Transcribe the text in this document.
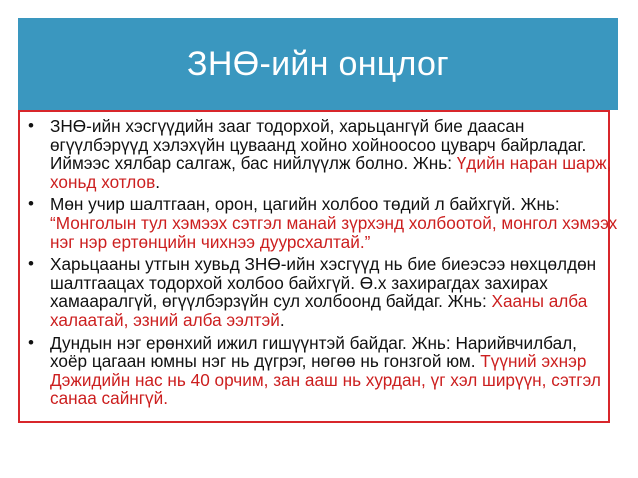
ЗНӨ-ийн онцлог
• ЗНӨ-ийн хэсгүүдийн зааг тодорхой, харьцангүй бие даасан өгүүлбэрүүд хэлэхүйн цуваанд хойно хойноосоо цуварч байрладаг. Иймээс хялбар салгаж, бас нийлүүлж болно. Жнь: Үдийн наран шарж, хоньд хотлов.
• Мөн учир шалтгаан, орон, цагийн холбоо төдий л байхгүй. Жнь: “Монголын тул хэмээх сэтгэл манай зүрхэнд холбоотой, монгол хэмээх нэг нэр ертөнцийн чихнээ дуурсхалтай.”
• Харьцааны утгын хувьд ЗНӨ-ийн хэсгүүд нь бие биеэсээ нөхцөлдөн шалтгаацах тодорхой холбоо байхгүй. Ө.х захирагдах захирах хамааралгүй, өгүүлбэрзүйн сул холбоонд байдаг. Жнь: Хааны алба халаатай, эзний алба ээлтэй.
• Дундын нэг ерөнхий ижил гишүүнтэй байдаг. Жнь: Нарийвчилбал, хоёр цагаан юмны нэг нь дүгрэг, нөгөө нь гонзгой юм. Түүний эхнэр Дэжидийн нас нь 40 орчим, зан ааш нь хурдан, үг хэл ширүүн, сэтгэл санаа сайнгүй.
